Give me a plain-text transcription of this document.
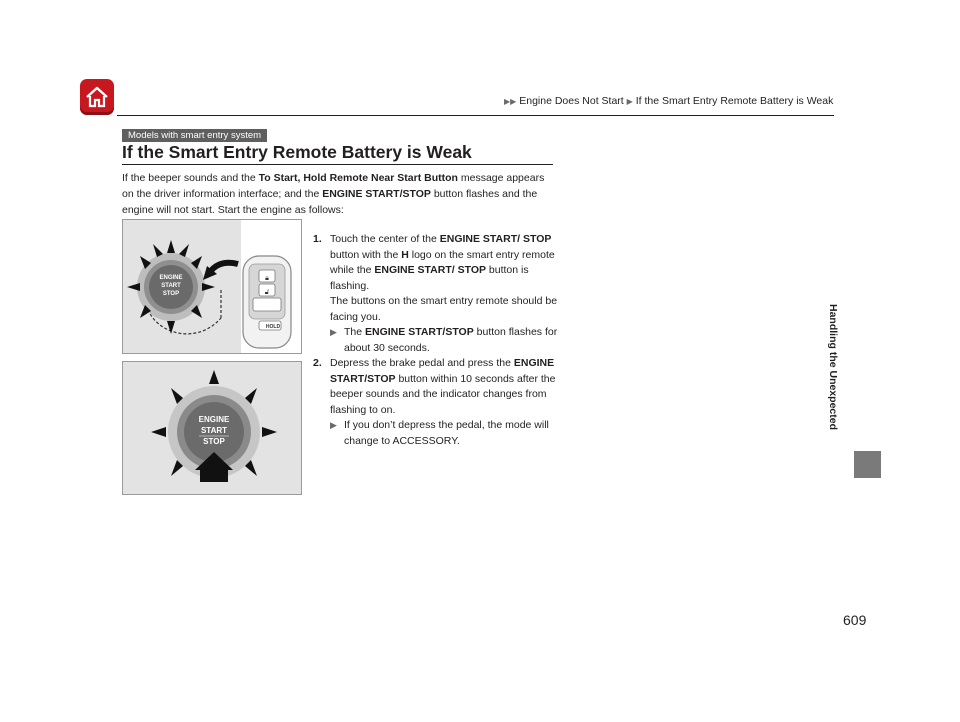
▶▶ Engine Does Not Start ▶ If the Smart Entry Remote Battery is Weak
Handling the Unexpected
Models with smart entry system
If the Smart Entry Remote Battery is Weak

If the beeper sounds and the To Start, Hold Remote Near Start Button message appears on the driver information interface; and the ENGINE START/STOP button flashes and the engine will not start. Start the engine as follows:

ENGINE
START
STOP
🔒︎
🔓︎
HOLD
ENGINE
START
STOP
1. Touch the center of the ENGINE START/ STOP button with the H logo on the smart entry remote while the ENGINE START/ STOP button is flashing.
The buttons on the smart entry remote should be facing you.
▶ The ENGINE START/STOP button flashes for about 30 seconds.
2. Depress the brake pedal and press the ENGINE START/STOP button within 10 seconds after the beeper sounds and the indicator changes from flashing to on.
▶ If you don’t depress the pedal, the mode will change to ACCESSORY.
609
